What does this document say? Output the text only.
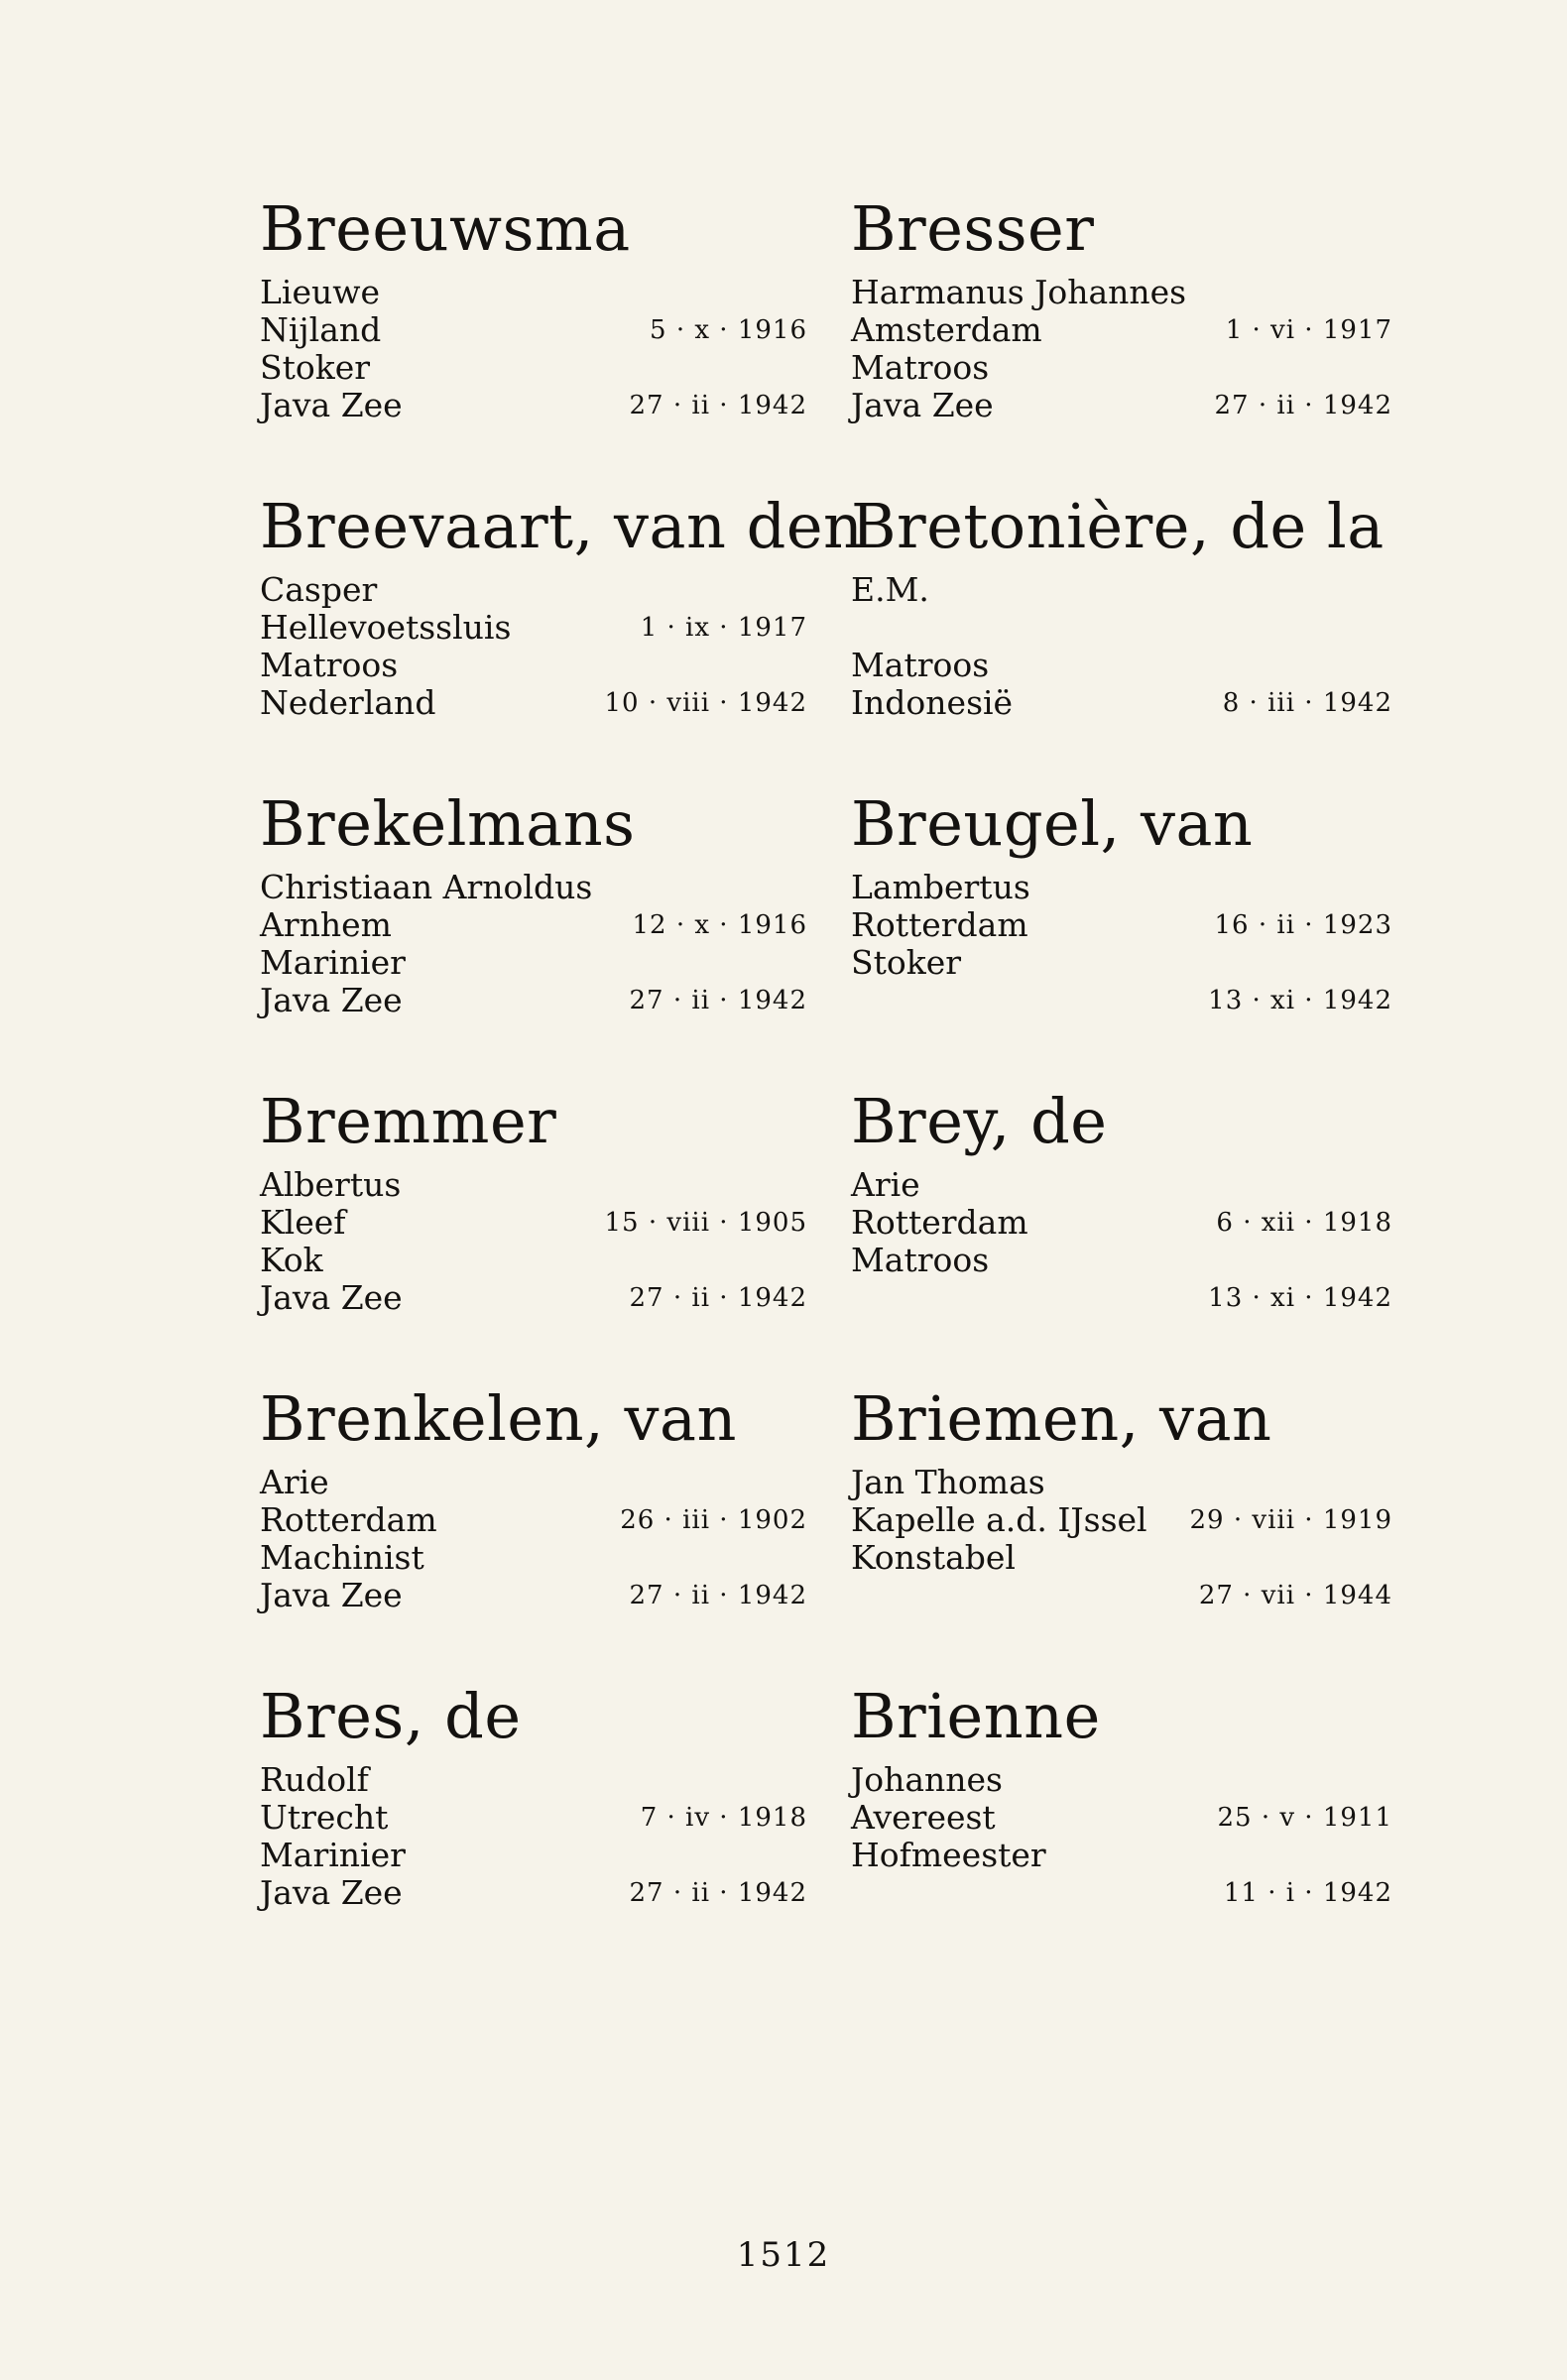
Breeuwsma
Lieuwe
Nijland	5 · x · 1916
Stoker
Java Zee	27 · ii · 1942
Breevaart, van den
Casper
Hellevoetssluis	1 · ix · 1917
Matroos
Nederland	10 · viii · 1942
Brekelmans
Christiaan Arnoldus
Arnhem	12 · x · 1916
Marinier
Java Zee	27 · ii · 1942
Bremmer
Albertus
Kleef	15 · viii · 1905
Kok
Java Zee	27 · ii · 1942
Brenkelen, van
Arie
Rotterdam	26 · iii · 1902
Machinist
Java Zee	27 · ii · 1942
Bres, de
Rudolf
Utrecht	7 · iv · 1918
Marinier
Java Zee	27 · ii · 1942
Bresser
Harmanus Johannes
Amsterdam	1 · vi · 1917
Matroos
Java Zee	27 · ii · 1942
Bretonière, de la
E.M.
Matroos
Indonesië	8 · iii · 1942
Breugel, van
Lambertus
Rotterdam	16 · ii · 1923
Stoker
13 · xi · 1942
Brey, de
Arie
Rotterdam	6 · xii · 1918
Matroos
13 · xi · 1942
Briemen, van
Jan Thomas
Kapelle a.d. IJssel 29 · viii · 1919
Konstabel
27 · vii · 1944
Brienne
Johannes
Avereest	25 · v · 1911
Hofmeester
11 · i · 1942
1512
